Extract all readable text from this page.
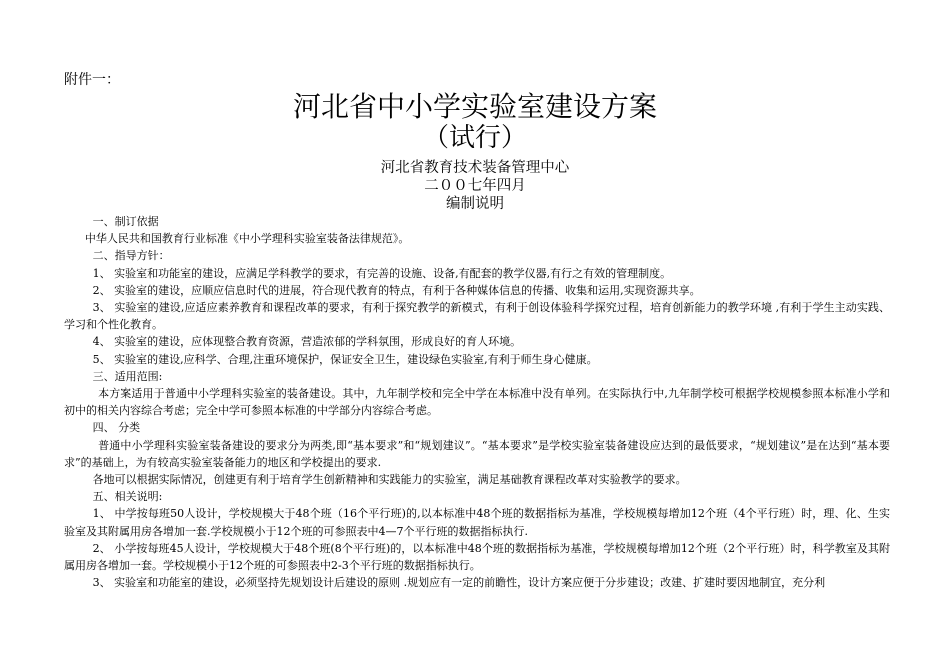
附件一：
河北省中小学实验室建设方案
（试行）
河北省教育技术装备管理中心
二００七年四月
编制说明

一、制订依据

中华人民共和国教育行业标准《中小学理科实验室装备法律规范》。

二、指导方针：

1、 实验室和功能室的建设，应满足学科教学的要求，有完善的设施、设备,有配套的教学仪器,有行之有效的管理制度。

2、 实验室的建设，应顺应信息时代的进展，符合现代教育的特点，有利于各种媒体信息的传播、收集和运用,实现资源共享。

3、 实验室的建设,应适应素养教育和课程改革的要求，有利于探究教学的新模式，有利于创设体验科学探究过程，培育创新能力的教学环境 ,有利于学生主动实践、学习和个性化教育。

4、 实验室的建设，应体现整合教育资源，营造浓郁的学科氛围，形成良好的育人环境。

5、 实验室的建设,应科学、合理,注重环境保护，保证安全卫生，建设绿色实验室,有利于师生身心健康。

三、适用范围:

本方案适用于普通中小学理科实验室的装备建设。其中，九年制学校和完全中学在本标准中没有单列。在实际执行中,九年制学校可根据学校规模参照本标准小学和初中的相关内容综合考虑；完全中学可参照本标准的中学部分内容综合考虑。

四、 分类

普通中小学理科实验室装备建设的要求分为两类,即“基本要求”和“规划建议”。“基本要求”是学校实验室装备建设应达到的最低要求，“规划建议”是在达到“基本要求”的基础上，为有较高实验室装备能力的地区和学校提出的要求.

各地可以根据实际情况，创建更有利于培育学生创新精神和实践能力的实验室，满足基础教育课程改革对实验教学的要求。

五、相关说明:

1、 中学按每班50人设计，学校规模大于48个班（16个平行班)的,以本标准中48个班的数据指标为基准，学校规模每增加12个班（4个平行班）时，理、化、生实验室及其附属用房各增加一套.学校规模小于12个班的可参照表中4—7个平行班的数据指标执行.

2、 小学按每班45人设计，学校规模大于48个班(8个平行班)的，以本标准中48个班的数据指标为基准，学校规模每增加12个班（2个平行班）时，科学教室及其附属用房各增加一套。学校规模小于12个班的可参照表中2-3个平行班的数据指标执行。

3、 实验室和功能室的建设，必须坚持先规划设计后建设的原则 .规划应有一定的前瞻性，设计方案应便于分步建设；改建、扩建时要因地制宜，充分利
